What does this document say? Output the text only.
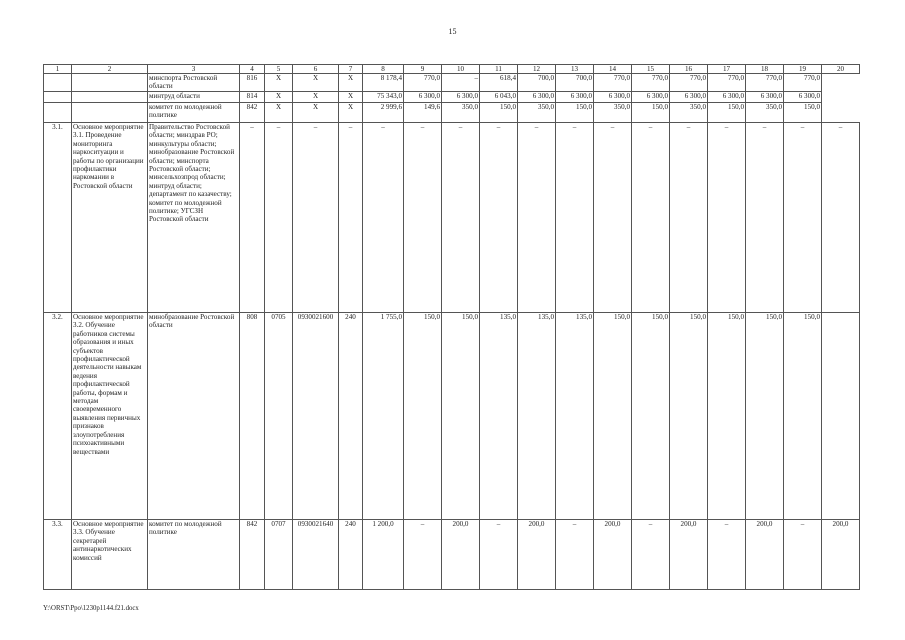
15
1	2	3	4	5	6	7	8	9	10	11	12	13	14	15	16	17	18	19	20
		минспорта Ростовской области	816	Х	Х	Х	8 178,4	770,0	–	618,4	700,0	700,0	770,0	770,0	770,0	770,0	770,0	770,0	
		минтруд области	814	Х	Х	Х	75 343,0	6 300,0	6 300,0	6 043,0	6 300,0	6 300,0	6 300,0	6 300,0	6 300,0	6 300,0	6 300,0	6 300,0	
		комитет по молодежной политике	842	Х	Х	Х	2 999,6	149,6	350,0	150,0	350,0	150,0	350,0	150,0	350,0	150,0	350,0	150,0	
3.1.	Основное мероприятие 3.1. Проведение мониторинга наркоситуации и работы по организации профилактики наркомании в Ростовской области	Правительство Ростовской области; минздрав РО; минкультуры области; минобразование Ростовской области; минспорта Ростовской области; минсельхозпрод области; минтруд области; департамент по казачеству; комитет по молодежной политике; УГСЗН Ростовской области	–	–	–	–	–	–	–	–	–	–	–	–	–	–	–	–	–
3.2.	Основное мероприятие 3.2. Обучение работников системы образования и иных субъектов профилактической деятельности навыкам ведения профилактической работы, формам и методам своевременного выявления первичных признаков злоупотребления психоактивными веществами	минобразование Ростовской области	808	0705	0930021600	240	1 755,0	150,0	150,0	135,0	135,0	135,0	150,0	150,0	150,0	150,0	150,0	150,0	
3.3.	Основное мероприятие 3.3. Обучение секретарей антинаркотических комиссий	комитет по молодежной политике	842	0707	0930021640	240	1 200,0	–	200,0	–	200,0	–	200,0	–	200,0	–	200,0	–	200,0
Y:\ORST\Ppo\1230p1144.f21.docx
